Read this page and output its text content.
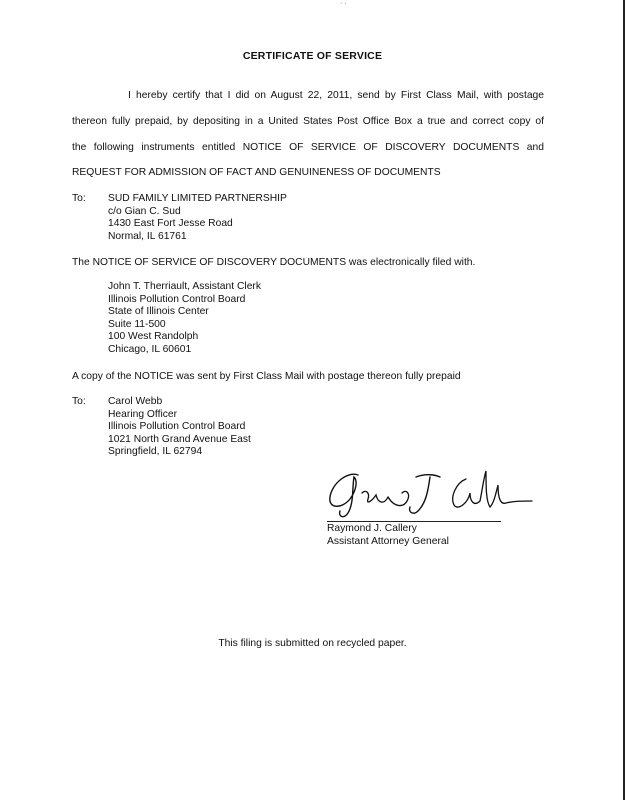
· ·
CERTIFICATE OF SERVICE
I hereby certify that I did on August 22, 2011, send by First Class Mail, with postage
thereon fully prepaid, by depositing in a United States Post Office Box a true and correct copy of
the following instruments entitled NOTICE OF SERVICE OF DISCOVERY DOCUMENTS and
REQUEST FOR ADMISSION OF FACT AND GENUINENESS OF DOCUMENTS
To: SUD FAMILY LIMITED PARTNERSHIP
c/o Gian C. Sud
1430 East Fort Jesse Road
Normal, IL 61761
The NOTICE OF SERVICE OF DISCOVERY DOCUMENTS was electronically filed with.
John T. Therriault, Assistant Clerk
Illinois Pollution Control Board
State of Illinois Center
Suite 11-500
100 West Randolph
Chicago, IL 60601
A copy of the NOTICE was sent by First Class Mail with postage thereon fully prepaid
To: Carol Webb
Hearing Officer
Illinois Pollution Control Board
1021 North Grand Avenue East
Springfield, IL 62794
Raymond J. Callery
Assistant Attorney General
This filing is submitted on recycled paper.
